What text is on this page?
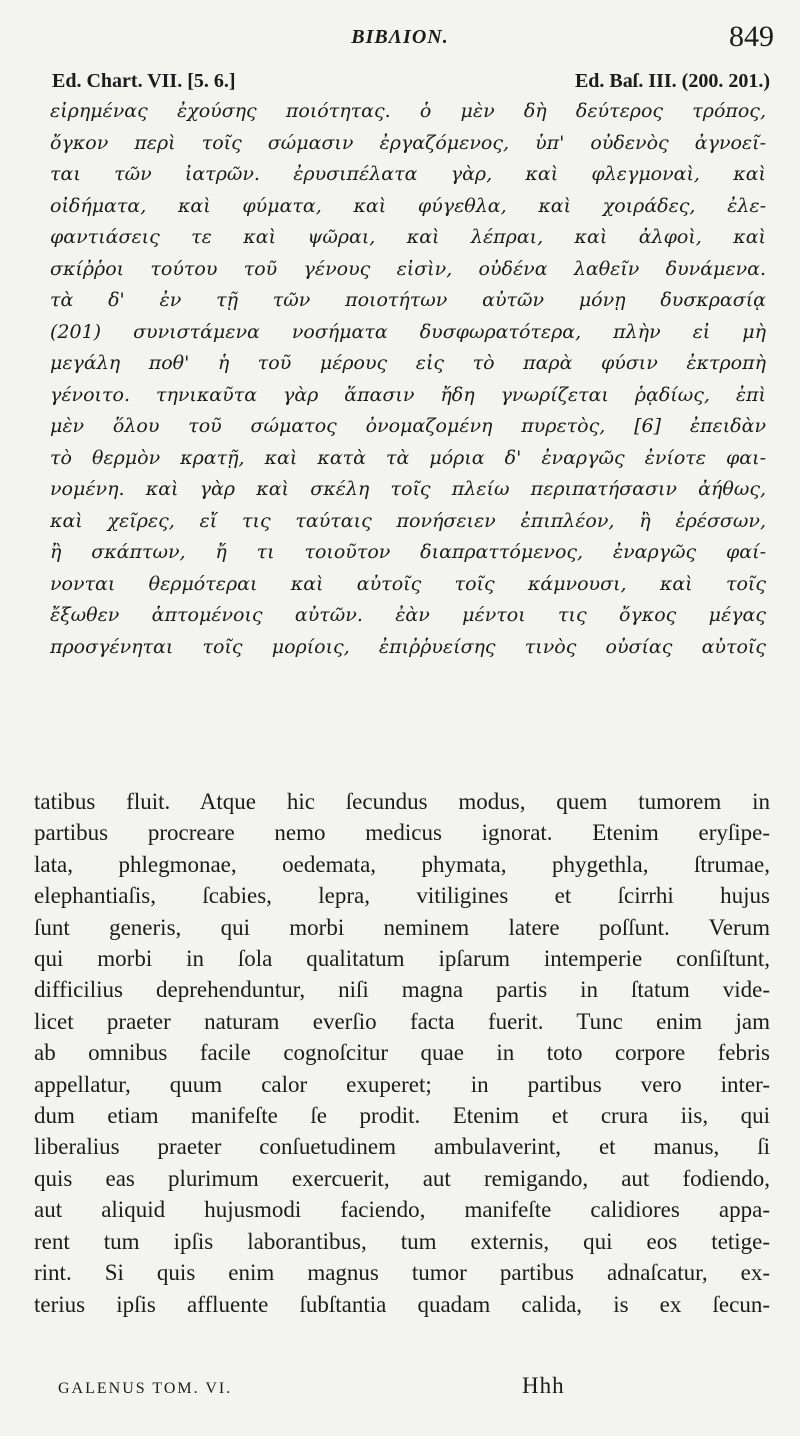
BIBΛΙΟΝ.	849
Ed. Chart. VII. [5. 6.]	Ed. Baſ. III. (200. 201.)
εἰρημένας ἐχούσης ποιότητας. ὁ μὲν δὴ δεύτερος τρόπος,
ὄγκον περὶ τοῖς σώμασιν ἐργαζόμενος, ὑπ' οὐδενὸς ἀγνοεῖ-
ται τῶν ἰατρῶν. ἐρυσιπέλατα γὰρ, καὶ φλεγμοναὶ, καὶ
οἰδήματα, καὶ φύματα, καὶ φύγεθλα, καὶ χοιράδες, ἐλε-
φαντιάσεις τε καὶ ψῶραι, καὶ λέπραι, καὶ ἀλφοὶ, καὶ
σκίῤῥοι τούτου τοῦ γένους εἰσὶν, οὐδένα λαθεῖν δυνάμενα.
τὰ δ' ἐν τῇ τῶν ποιοτήτων αὐτῶν μόνῃ δυσκρασίᾳ
(201) συνιστάμενα νοσήματα δυσφωρατότερα, πλὴν εἰ μὴ
μεγάλη ποθ' ἡ τοῦ μέρους εἰς τὸ παρὰ φύσιν ἐκτροπὴ
γένοιτο. τηνικαῦτα γὰρ ἅπασιν ἤδη γνωρίζεται ῥᾳδίως, ἐπὶ
μὲν ὅλου τοῦ σώματος ὀνομαζομένη πυρετὸς, [6] ἐπειδὰν
τὸ θερμὸν κρατῇ, καὶ κατὰ τὰ μόρια δ' ἐναργῶς ἐνίοτε φαι-
νομένη. καὶ γὰρ καὶ σκέλη τοῖς πλείω περιπατήσασιν ἀήθως,
καὶ χεῖρες, εἴ τις ταύταις πονήσειεν ἐπιπλέον, ἢ ἐρέσσων,
ἢ σκάπτων, ἤ τι τοιοῦτον διαπραττόμενος, ἐναργῶς φαί-
νονται θερμότεραι καὶ αὐτοῖς τοῖς κάμνουσι, καὶ τοῖς
ἔξωθεν ἁπτομένοις αὐτῶν. ἐὰν μέντοι τις ὄγκος μέγας
προσγένηται τοῖς μορίοις, ἐπιῤῥυείσης τινὸς οὐσίας αὐτοῖς
tatibus fluit. Atque hic ſecundus modus, quem tumorem in
partibus procreare nemo medicus ignorat. Etenim eryſipe-
lata, phlegmonae, oedemata, phymata, phygethla, ſtrumae,
elephantiaſis, ſcabies, lepra, vitiligines et ſcirrhi hujus
ſunt generis, qui morbi neminem latere poſſunt. Verum
qui morbi in ſola qualitatum ipſarum intemperie conſiſtunt,
difficilius deprehenduntur, niſi magna partis in ſtatum vide-
licet praeter naturam everſio facta fuerit. Tunc enim jam
ab omnibus facile cognoſcitur quae in toto corpore febris
appellatur, quum calor exuperet; in partibus vero inter-
dum etiam manifeſte ſe prodit. Etenim et crura iis, qui
liberalius praeter conſuetudinem ambulaverint, et manus, ſi
quis eas plurimum exercuerit, aut remigando, aut fodiendo,
aut aliquid hujusmodi faciendo, manifeſte calidiores appa-
rent tum ipſis laborantibus, tum externis, qui eos tetige-
rint. Si quis enim magnus tumor partibus adnaſcatur, ex-
terius ipſis affluente ſubſtantia quadam calida, is ex ſecun-
GALENUS TOM. VI.	Hhh
